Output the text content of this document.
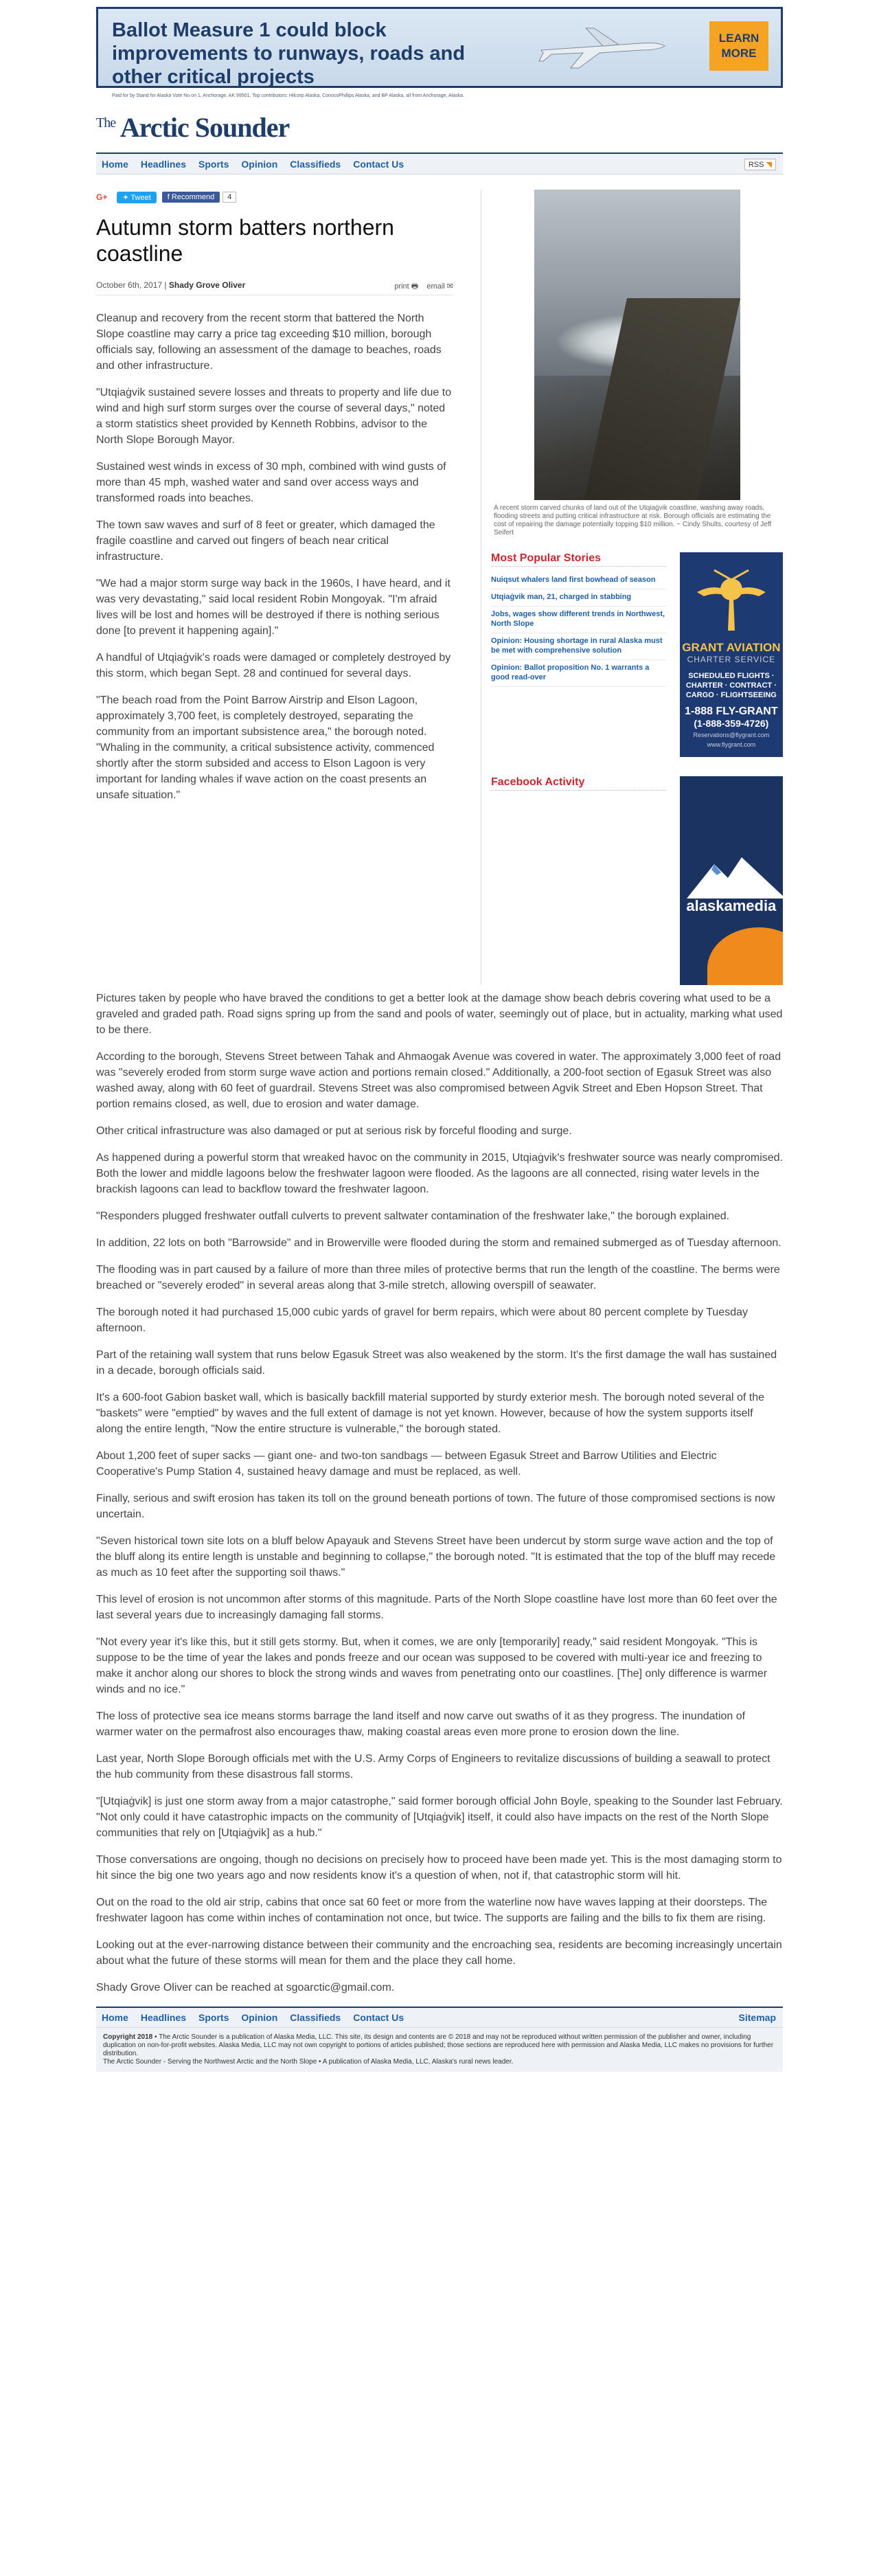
Ballot Measure 1 could block improvements to runways, roads and other critical projects
Paid for by Stand for Alaska Vote No on 1, Anchorage, AK 99501. Top contributors: Hilcorp Alaska, ConocoPhillips Alaska, and BP Alaska, all from Anchorage, Alaska.
LEARN MORE
$^{The}$ Arctic Sounder
Home Headlines Sports Opinion Classifieds Contact Us	RSS ◥
G+	✦ Tweet	f Recommend	4
Autumn storm batters northern coastline
October 6th, 2017 | Shady Grove Oliver	print 🖶 email ✉

Cleanup and recovery from the recent storm that battered the North Slope coastline may carry a price tag exceeding $10 million, borough officials say, following an assessment of the damage to beaches, roads and other infrastructure.

"Utqiaġvik sustained severe losses and threats to property and life due to wind and high surf storm surges over the course of several days," noted a storm statistics sheet provided by Kenneth Robbins, advisor to the North Slope Borough Mayor.

Sustained west winds in excess of 30 mph, combined with wind gusts of more than 45 mph, washed water and sand over access ways and transformed roads into beaches.

The town saw waves and surf of 8 feet or greater, which damaged the fragile coastline and carved out fingers of beach near critical infrastructure.

"We had a major storm surge way back in the 1960s, I have heard, and it was very devastating," said local resident Robin Mongoyak. "I'm afraid lives will be lost and homes will be destroyed if there is nothing serious done [to prevent it happening again]."

A handful of Utqiaġvik's roads were damaged or completely destroyed by this storm, which began Sept. 28 and continued for several days.

"The beach road from the Point Barrow Airstrip and Elson Lagoon, approximately 3,700 feet, is completely destroyed, separating the community from an important subsistence area," the borough noted. "Whaling in the community, a critical subsistence activity, commenced shortly after the storm subsided and access to Elson Lagoon is very important for landing whales if wave action on the coast presents an unsafe situation."

A recent storm carved chunks of land out of the Utqiaġvik coastline, washing away roads, flooding streets and putting critical infrastructure at risk. Borough officials are estimating the cost of repairing the damage potentially topping $10 million. ~ Cindy Shults, courtesy of Jeff Seifert
Most Popular Stories
Nuiqsut whalers land first bowhead of season
Utqiaġvik man, 21, charged in stabbing
Jobs, wages show different trends in Northwest, North Slope
Opinion: Housing shortage in rural Alaska must be met with comprehensive solution
Opinion: Ballot proposition No. 1 warrants a good read-over
GRANT AVIATION
CHARTER SERVICE
SCHEDULED FLIGHTS ·
CHARTER · CONTRACT ·
CARGO · FLIGHTSEEING
1-888 FLY-GRANT
(1-888-359-4726)
Reservations@flygrant.com
www.flygrant.com
Facebook Activity
alaskamedia

Pictures taken by people who have braved the conditions to get a better look at the damage show beach debris covering what used to be a graveled and graded path. Road signs spring up from the sand and pools of water, seemingly out of place, but in actuality, marking what used to be there.

According to the borough, Stevens Street between Tahak and Ahmaogak Avenue was covered in water. The approximately 3,000 feet of road was "severely eroded from storm surge wave action and portions remain closed." Additionally, a 200-foot section of Egasuk Street was also washed away, along with 60 feet of guardrail. Stevens Street was also compromised between Agvik Street and Eben Hopson Street. That portion remains closed, as well, due to erosion and water damage.

Other critical infrastructure was also damaged or put at serious risk by forceful flooding and surge.

As happened during a powerful storm that wreaked havoc on the community in 2015, Utqiaġvik's freshwater source was nearly compromised. Both the lower and middle lagoons below the freshwater lagoon were flooded. As the lagoons are all connected, rising water levels in the brackish lagoons can lead to backflow toward the freshwater lagoon.

"Responders plugged freshwater outfall culverts to prevent saltwater contamination of the freshwater lake," the borough explained.

In addition, 22 lots on both "Barrowside" and in Browerville were flooded during the storm and remained submerged as of Tuesday afternoon.

The flooding was in part caused by a failure of more than three miles of protective berms that run the length of the coastline. The berms were breached or "severely eroded" in several areas along that 3-mile stretch, allowing overspill of seawater.

The borough noted it had purchased 15,000 cubic yards of gravel for berm repairs, which were about 80 percent complete by Tuesday afternoon.

Part of the retaining wall system that runs below Egasuk Street was also weakened by the storm. It's the first damage the wall has sustained in a decade, borough officials said.

It's a 600-foot Gabion basket wall, which is basically backfill material supported by sturdy exterior mesh. The borough noted several of the "baskets" were "emptied" by waves and the full extent of damage is not yet known. However, because of how the system supports itself along the entire length, "Now the entire structure is vulnerable," the borough stated.

About 1,200 feet of super sacks — giant one- and two-ton sandbags — between Egasuk Street and Barrow Utilities and Electric Cooperative's Pump Station 4, sustained heavy damage and must be replaced, as well.

Finally, serious and swift erosion has taken its toll on the ground beneath portions of town. The future of those compromised sections is now uncertain.

"Seven historical town site lots on a bluff below Apayauk and Stevens Street have been undercut by storm surge wave action and the top of the bluff along its entire length is unstable and beginning to collapse," the borough noted. "It is estimated that the top of the bluff may recede as much as 10 feet after the supporting soil thaws."

This level of erosion is not uncommon after storms of this magnitude. Parts of the North Slope coastline have lost more than 60 feet over the last several years due to increasingly damaging fall storms.

"Not every year it's like this, but it still gets stormy. But, when it comes, we are only [temporarily] ready," said resident Mongoyak. "This is suppose to be the time of year the lakes and ponds freeze and our ocean was supposed to be covered with multi-year ice and freezing to make it anchor along our shores to block the strong winds and waves from penetrating onto our coastlines. [The] only difference is warmer winds and no ice."

The loss of protective sea ice means storms barrage the land itself and now carve out swaths of it as they progress. The inundation of warmer water on the permafrost also encourages thaw, making coastal areas even more prone to erosion down the line.

Last year, North Slope Borough officials met with the U.S. Army Corps of Engineers to revitalize discussions of building a seawall to protect the hub community from these disastrous fall storms.

"[Utqiaġvik] is just one storm away from a major catastrophe," said former borough official John Boyle, speaking to the Sounder last February. "Not only could it have catastrophic impacts on the community of [Utqiaġvik] itself, it could also have impacts on the rest of the North Slope communities that rely on [Utqiaġvik] as a hub."

Those conversations are ongoing, though no decisions on precisely how to proceed have been made yet. This is the most damaging storm to hit since the big one two years ago and now residents know it's a question of when, not if, that catastrophic storm will hit.

Out on the road to the old air strip, cabins that once sat 60 feet or more from the waterline now have waves lapping at their doorsteps. The freshwater lagoon has come within inches of contamination not once, but twice. The supports are failing and the bills to fix them are rising.

Looking out at the ever-narrowing distance between their community and the encroaching sea, residents are becoming increasingly uncertain about what the future of these storms will mean for them and the place they call home.

Shady Grove Oliver can be reached at sgoarctic@gmail.com.

Home Headlines Sports Opinion Classifieds Contact Us	Sitemap
Copyright 2018 • The Arctic Sounder is a publication of Alaska Media, LLC. This site, its design and contents are © 2018 and may not be reproduced without written permission of the publisher and owner, including duplication on non-for-profit websites. Alaska Media, LLC may not own copyright to portions of articles published; those sections are reproduced here with permission and Alaska Media, LLC makes no provisions for further distribution.
The Arctic Sounder - Serving the Northwest Arctic and the North Slope • A publication of Alaska Media, LLC, Alaska's rural news leader.
